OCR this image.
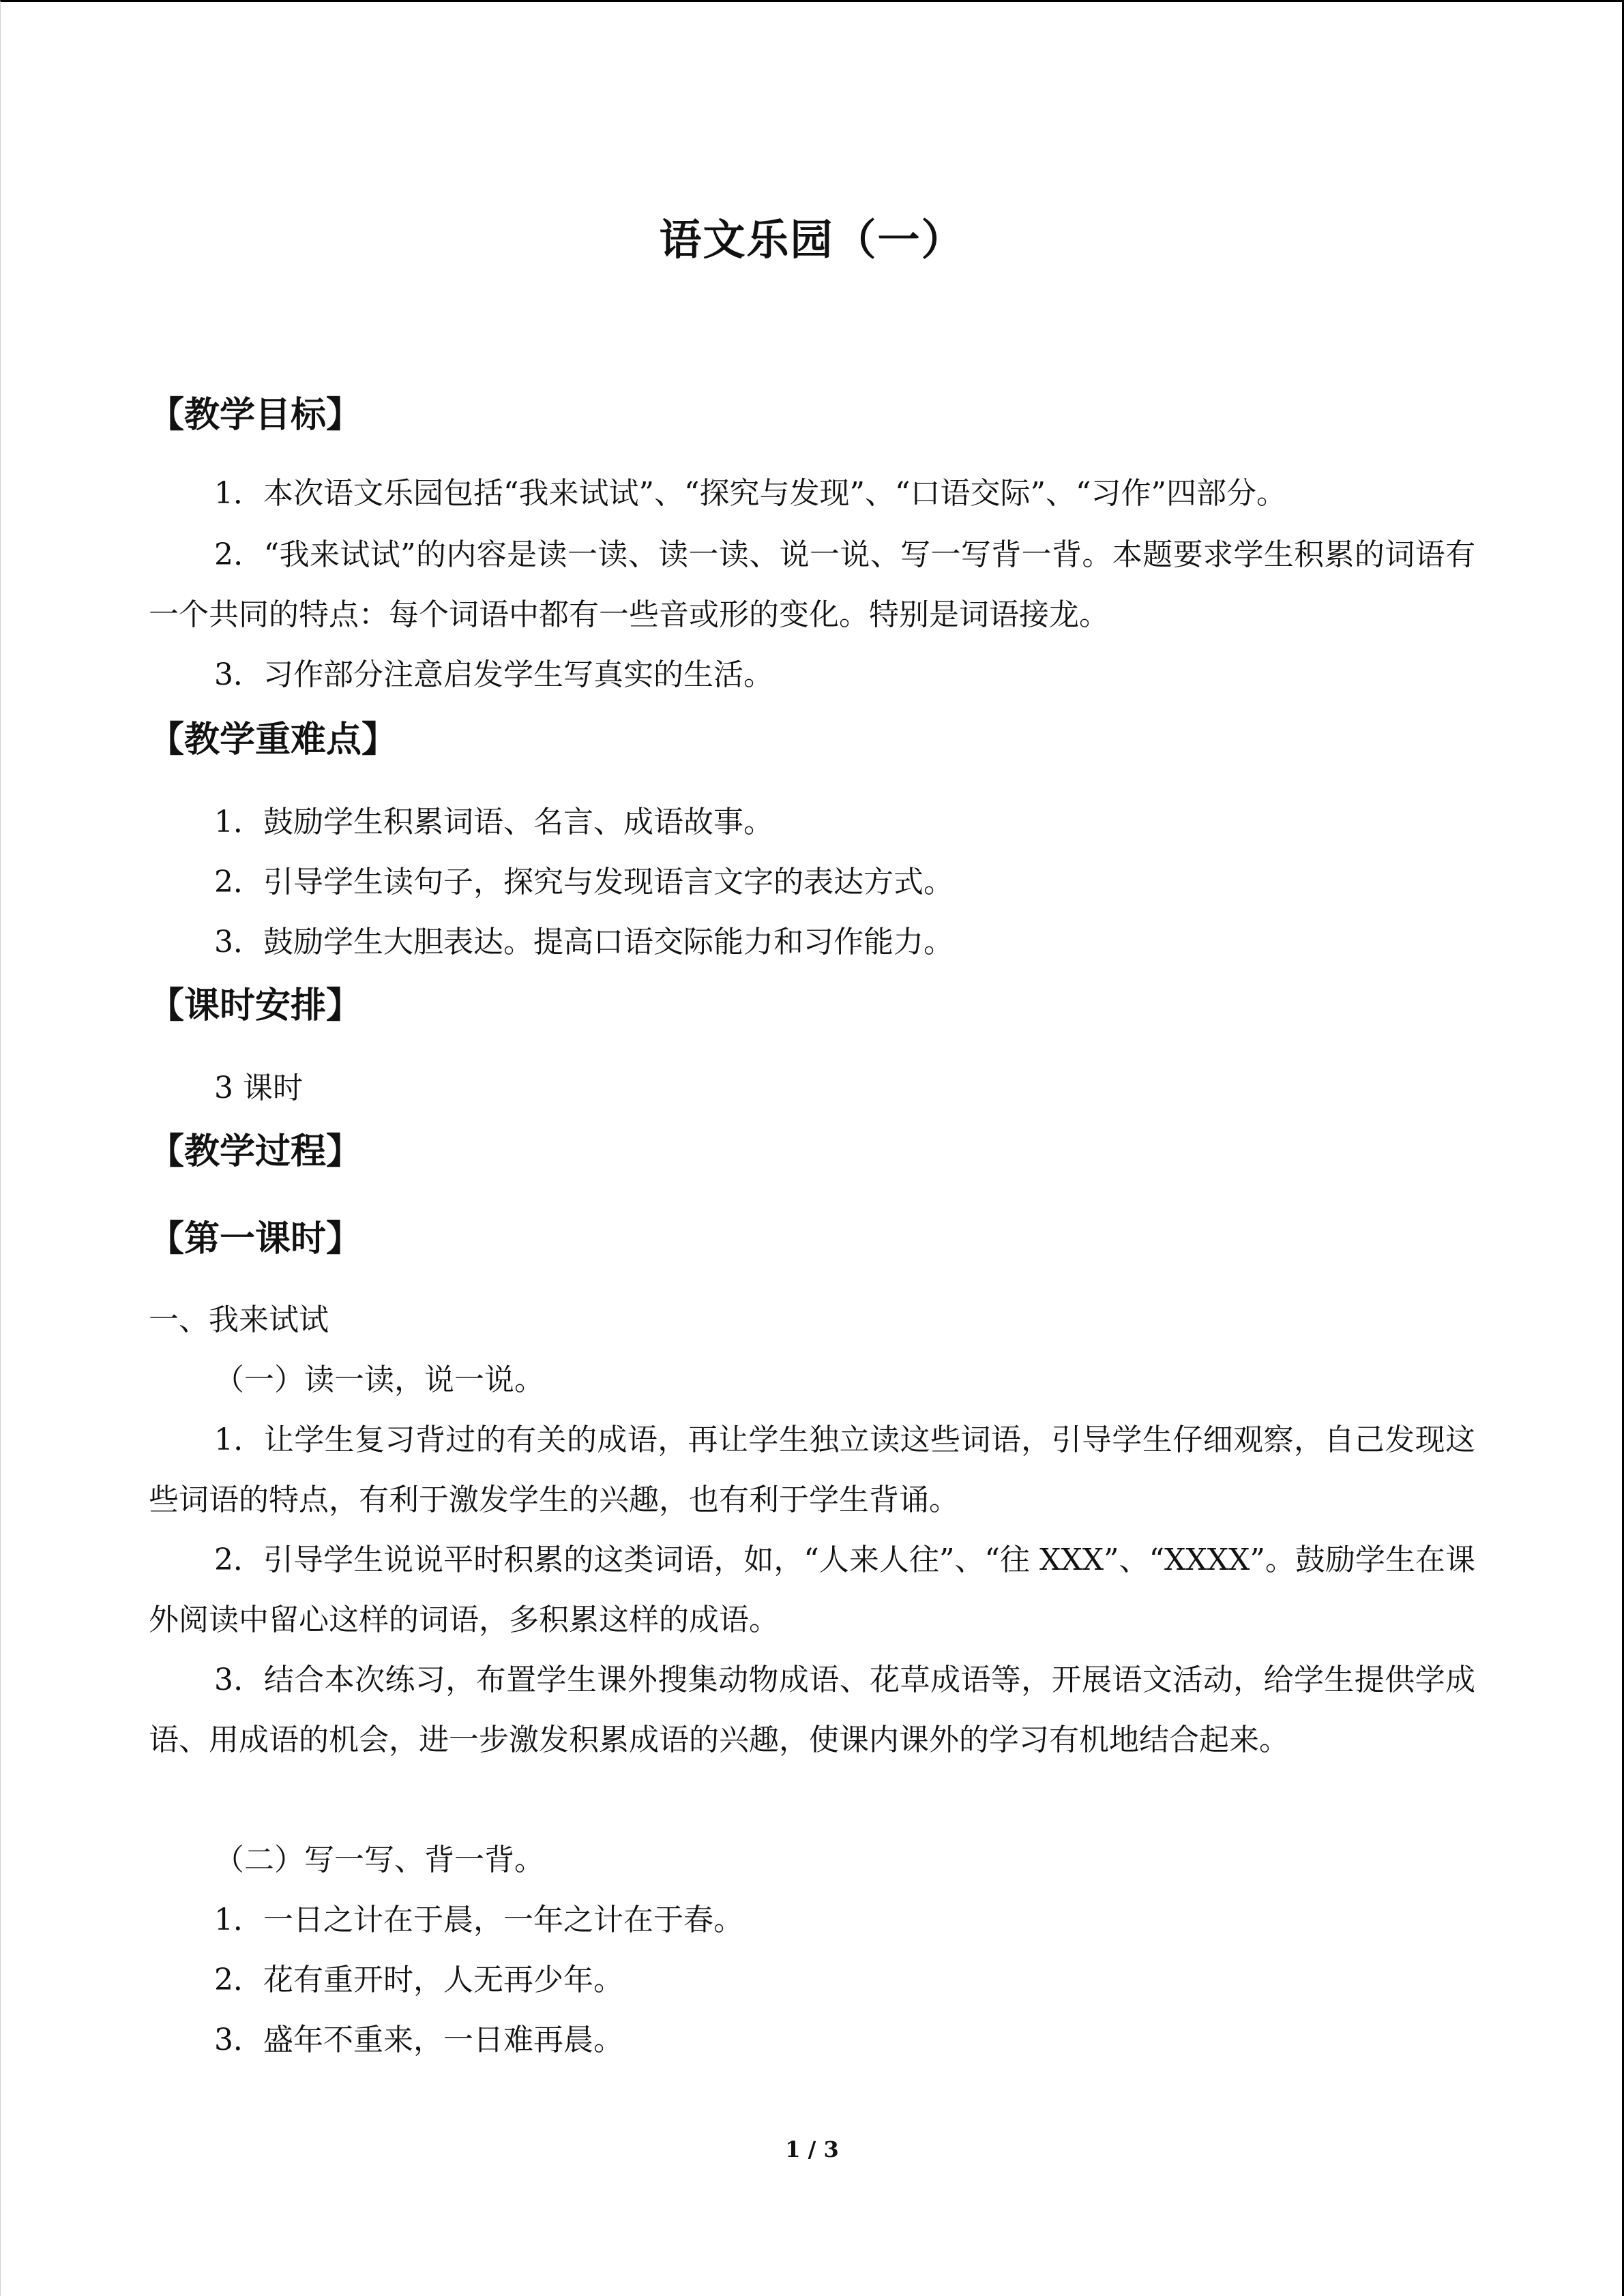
语文乐园（一）
【教学目标】
1．本次语文乐园包括“我来试试”、“探究与发现”、“口语交际”、“习作”四部分。
2．“我来试试”的内容是读一读、读一读、说一说、写一写背一背。本题要求学生积累的词语有一个共同的特点：每个词语中都有一些音或形的变化。特别是词语接龙。
3．习作部分注意启发学生写真实的生活。
【教学重难点】
1．鼓励学生积累词语、名言、成语故事。
2．引导学生读句子，探究与发现语言文字的表达方式。
3．鼓励学生大胆表达。提高口语交际能力和习作能力。
【课时安排】
3 课时
【教学过程】
【第一课时】
一、我来试试
（一）读一读，说一说。
1．让学生复习背过的有关的成语，再让学生独立读这些词语，引导学生仔细观察，自己发现这些词语的特点，有利于激发学生的兴趣，也有利于学生背诵。
2．引导学生说说平时积累的这类词语，如，“人来人往”、“往 XXX”、“XXXX”。鼓励学生在课外阅读中留心这样的词语，多积累这样的成语。
3．结合本次练习，布置学生课外搜集动物成语、花草成语等，开展语文活动，给学生提供学成语、用成语的机会，进一步激发积累成语的兴趣，使课内课外的学习有机地结合起来。
（二）写一写、背一背。
1．一日之计在于晨，一年之计在于春。
2．花有重开时，人无再少年。
3．盛年不重来，一日难再晨。
1 / 3
